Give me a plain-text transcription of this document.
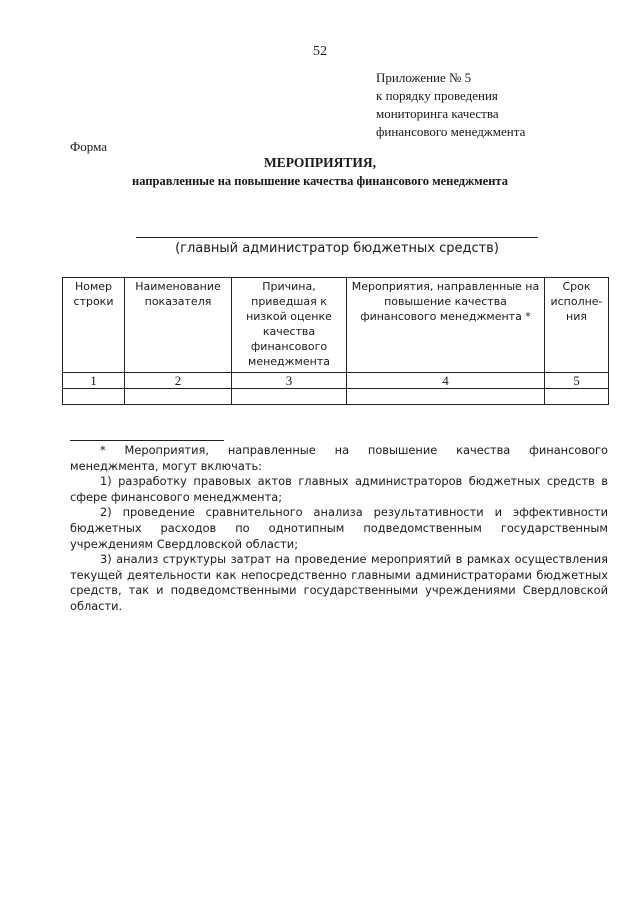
52
Приложение № 5
к порядку проведения
мониторинга качества
финансового менеджмента
Форма
МЕРОПРИЯТИЯ,
направленные на повышение качества финансового менеджмента
(главный администратор бюджетных средств)
Номер строки	Наименование показателя	Причина, приведшая к низкой оценке качества финансового менеджмента	Мероприятия, направленные на повышение качества финансового менеджмента *	Срок исполне-ния
1	2	3	4	5

* Мероприятия, направленные на повышение качества финансового менеджмента, могут включать:

1) разработку правовых актов главных администраторов бюджетных средств в сфере финансового менеджмента;

2) проведение сравнительного анализа результативности и эффективности бюджетных расходов по однотипным подведомственным государственным учреждениям Свердловской области;

3) анализ структуры затрат на проведение мероприятий в рамках осуществления текущей деятельности как непосредственно главными администраторами бюджетных средств, так и подведомственными государственными учреждениями Свердловской области.
